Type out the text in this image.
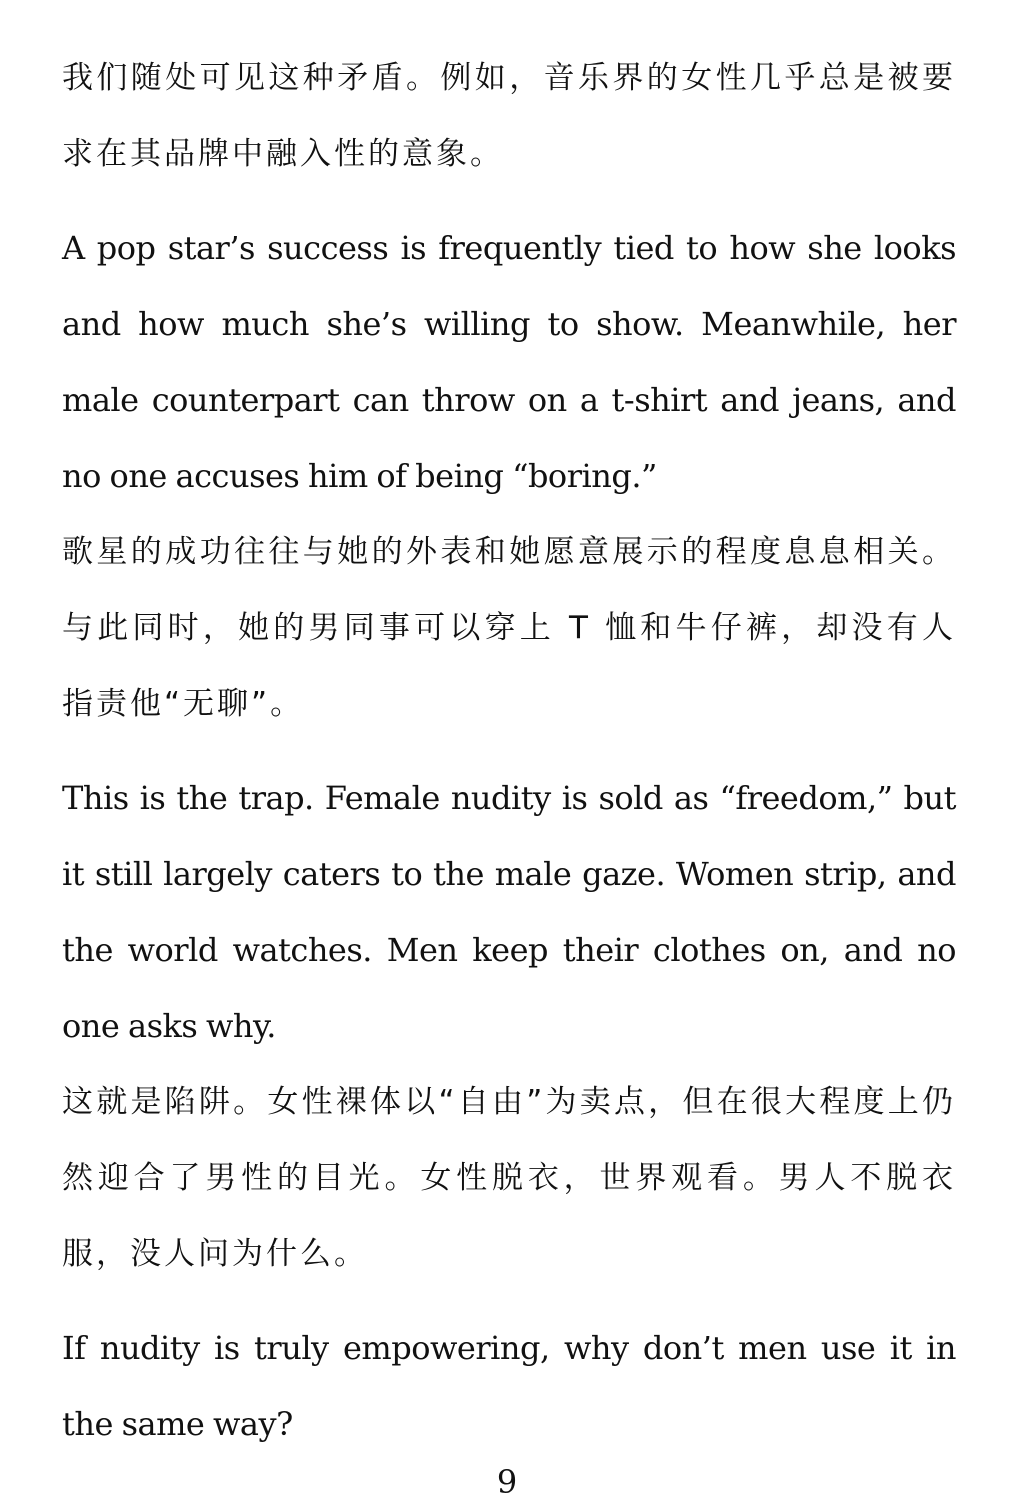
我们随处可见这种矛盾。例如，音乐界的女性几乎总是被要求在其品牌中融入性的意象。

A pop star’s success is frequently tied to how she looks and how much she’s willing to show. Meanwhile, her male counterpart can throw on a t-shirt and jeans, and no one accuses him of being “boring.”

歌星的成功往往与她的外表和她愿意展示的程度息息相关。与此同时，她的男同事可以穿上 T 恤和牛仔裤，却没有人指责他“无聊”。

This is the trap. Female nudity is sold as “freedom,” but it still largely caters to the male gaze. Women strip, and the world watches. Men keep their clothes on, and no one asks why.

这就是陷阱。女性裸体以“自由”为卖点，但在很大程度上仍然迎合了男性的目光。女性脱衣，世界观看。男人不脱衣服，没人问为什么。

If nudity is truly empowering, why don’t men use it in the same way?

9
